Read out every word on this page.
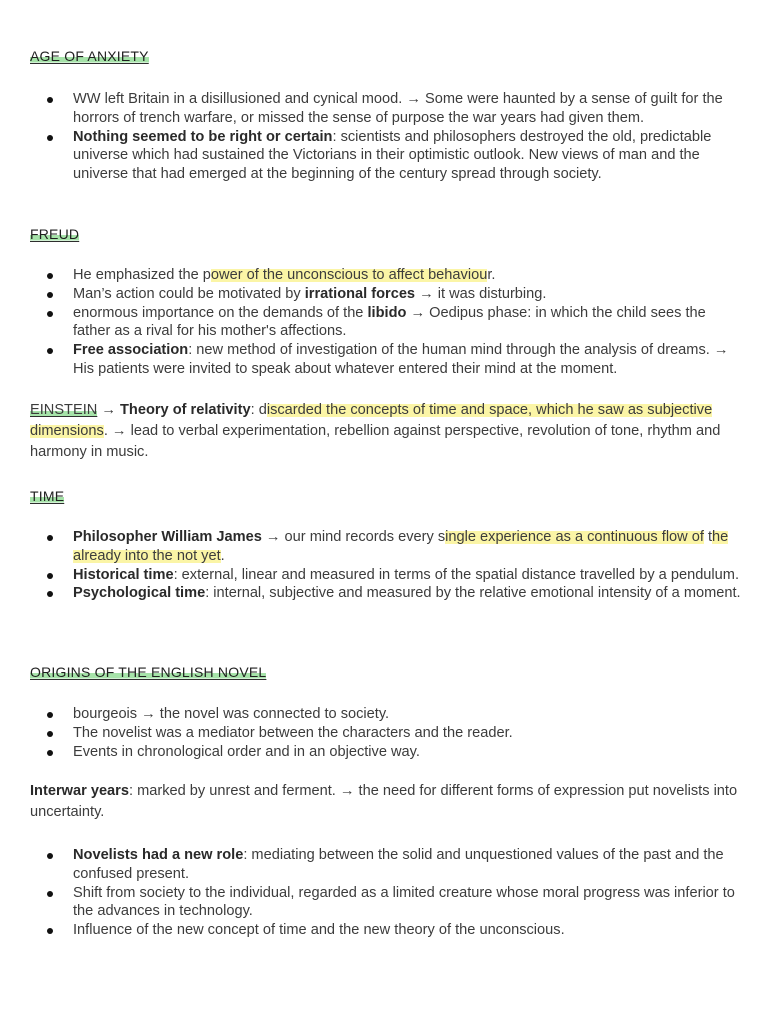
AGE OF ANXIETY
WW left Britain in a disillusioned and cynical mood. → Some were haunted by a sense of guilt for the horrors of trench warfare, or missed the sense of purpose the war years had given them.
Nothing seemed to be right or certain: scientists and philosophers destroyed the old, predictable universe which had sustained the Victorians in their optimistic outlook. New views of man and the universe that had emerged at the beginning of the century spread through society.
FREUD
He emphasized the power of the unconscious to affect behaviour.
Man’s action could be motivated by irrational forces → it was disturbing.
enormous importance on the demands of the libido → Oedipus phase: in which the child sees the father as a rival for his mother's affections.
Free association: new method of investigation of the human mind through the analysis of dreams. → His patients were invited to speak about whatever entered their mind at the moment.

EINSTEIN → Theory of relativity: discarded the concepts of time and space, which he saw as subjective dimensions. → lead to verbal experimentation, rebellion against perspective, revolution of tone, rhythm and harmony in music.

TIME
Philosopher William James → our mind records every single experience as a continuous flow of the already into the not yet.
Historical time: external, linear and measured in terms of the spatial distance travelled by a pendulum.
Psychological time: internal, subjective and measured by the relative emotional intensity of a moment.
ORIGINS OF THE ENGLISH NOVEL
bourgeois → the novel was connected to society.
The novelist was a mediator between the characters and the reader.
Events in chronological order and in an objective way.

Interwar years: marked by unrest and ferment. → the need for different forms of expression put novelists into uncertainty.

Novelists had a new role: mediating between the solid and unquestioned values of the past and the confused present.
Shift from society to the individual, regarded as a limited creature whose moral progress was inferior to the advances in technology.
Influence of the new concept of time and the new theory of the unconscious.
